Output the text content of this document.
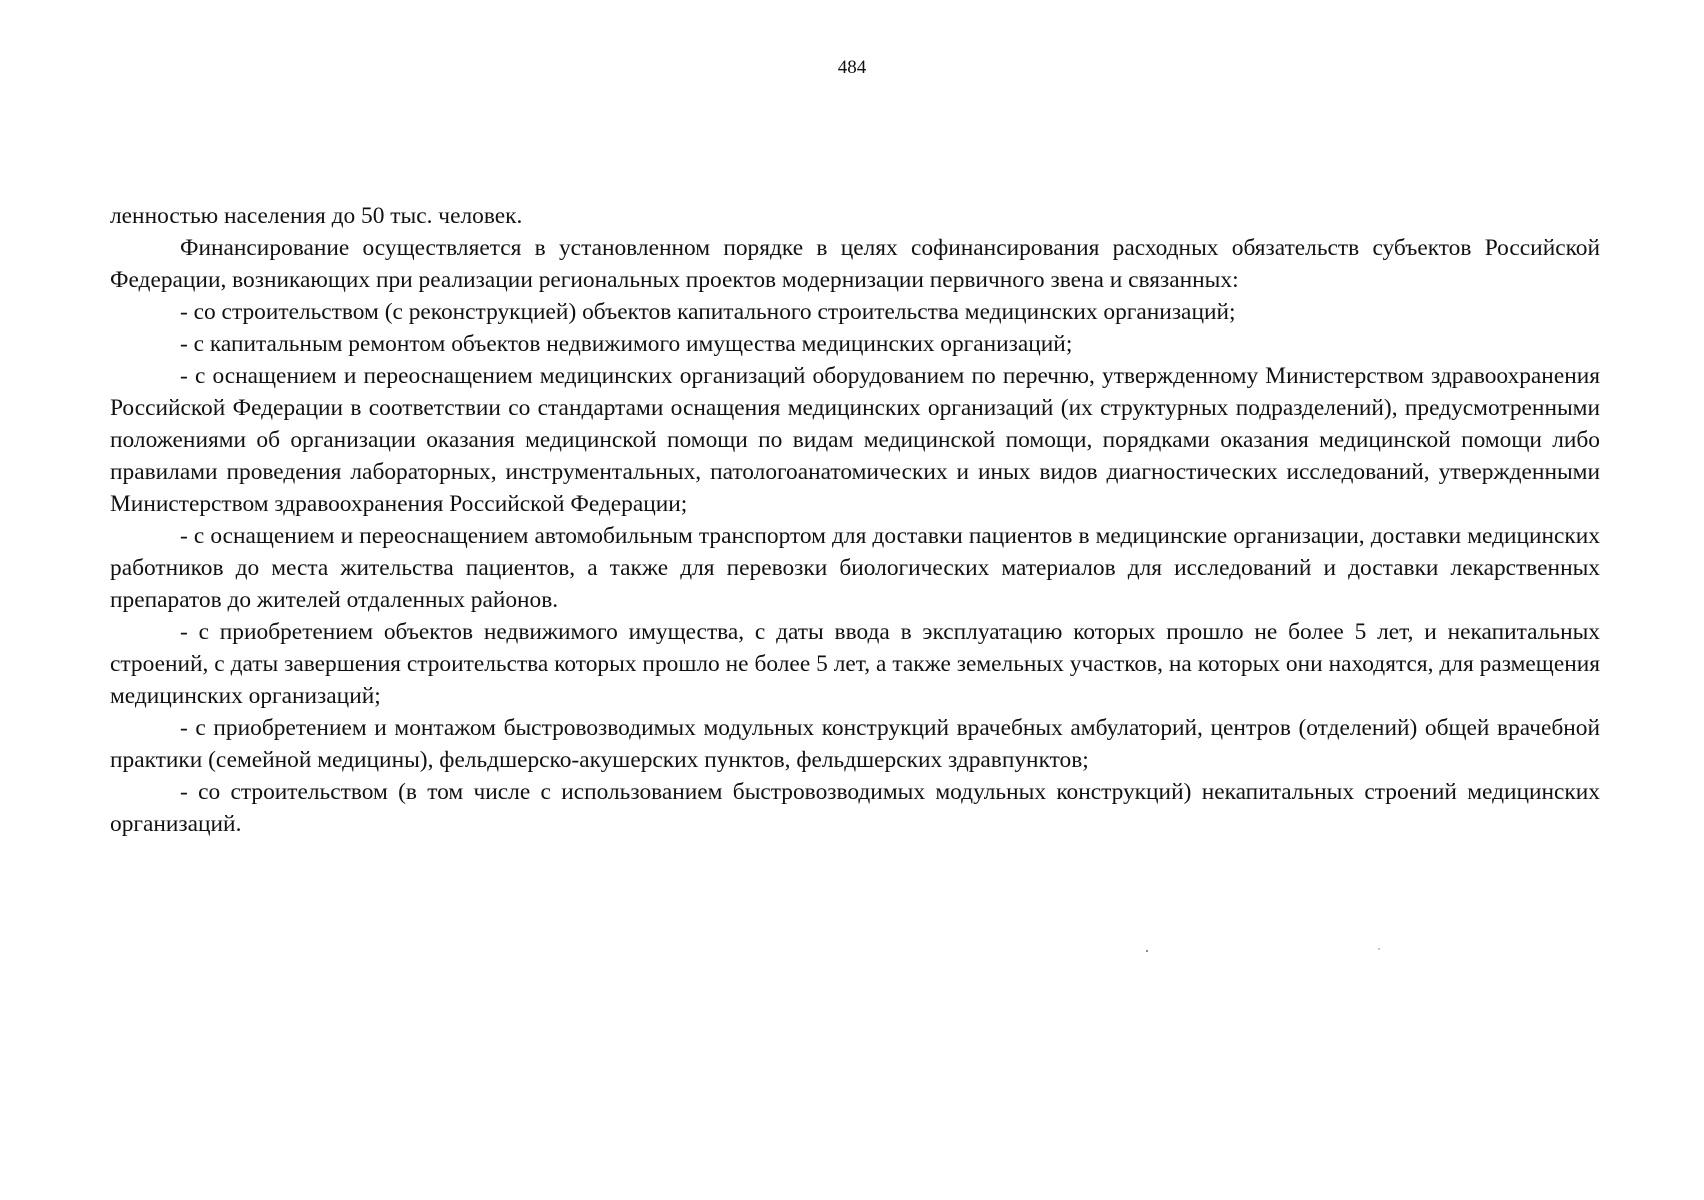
484

ленностью населения до 50 тыс. человек.

Финансирование осуществляется в установленном порядке в целях софинансирования расходных обязательств субъектов Российской Федерации, возникающих при реализации региональных проектов модернизации первичного звена и связанных:

- со строительством (с реконструкцией) объектов капитального строительства медицинских организаций;

- с капитальным ремонтом объектов недвижимого имущества медицинских организаций;

- с оснащением и переоснащением медицинских организаций оборудованием по перечню, утвержденному Министерством здравоохранения Российской Федерации в соответствии со стандартами оснащения медицинских организаций (их структурных подразделений), предусмотренными положениями об организации оказания медицинской помощи по видам медицинской помощи, порядками оказания медицинской помощи либо правилами проведения лабораторных, инструментальных, патологоанатомических и иных видов диагностических исследований, утвержденными Министерством здравоохранения Российской Федерации;

- с оснащением и переоснащением автомобильным транспортом для доставки пациентов в медицинские организации, доставки медицинских работников до места жительства пациентов, а также для перевозки биологических материалов для исследований и доставки лекарственных препаратов до жителей отдаленных районов.

- с приобретением объектов недвижимого имущества, с даты ввода в эксплуатацию которых прошло не более 5 лет, и некапитальных строений, с даты завершения строительства которых прошло не более 5 лет, а также земельных участков, на которых они находятся, для размещения медицинских организаций;

- с приобретением и монтажом быстровозводимых модульных конструкций врачебных амбулаторий, центров (отделений) общей врачебной практики (семейной медицины), фельдшерско-акушерских пунктов, фельдшерских здравпунктов;

- со строительством (в том числе с использованием быстровозводимых модульных конструкций) некапитальных строений медицинских организаций.
